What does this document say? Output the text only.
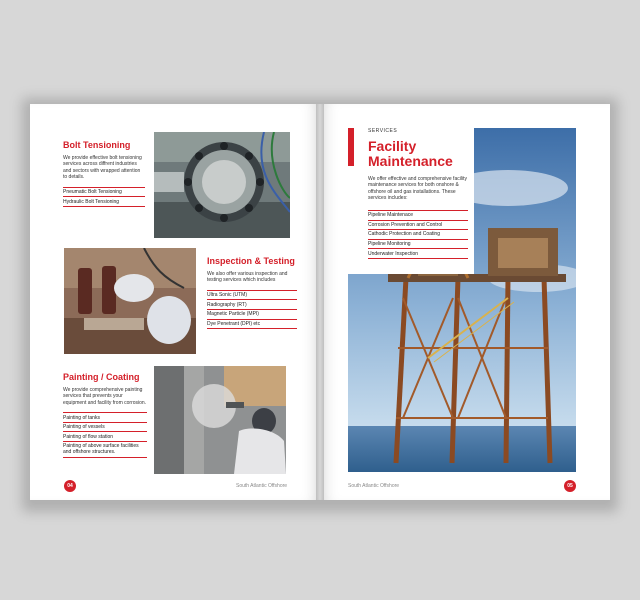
Bolt Tensioning
We provide effective bolt tensioning services across diffrent industries and sectors with wrapped attention to details.
Pneumatic Bolt Tensioning
Hydraulic Bolt Tensioning
Inspection & Testing
We also offer various inspection and testing services which includes
Ultra Sonic (UTM)
Radiography (RT)
Magnetic Particle (MPI)
Dye Penetrant (DPI) etc
Painting / Coating
We provide comprehensive painting services that prevents your equipment and facility from corrosion.
Painting of tanks
Painting of vessels
Painting of flow station
Painting of above surface facilities and offshore structures.
04	South Atlantic Offshore
SERVICES
Facility
Maintenance
We offer effective and comprehensive facility maintenance services for both onshore & offshore oil and gas installations. These services includes:
Pipeline Maintenace
Corrosion Prevention and Control
Cathodic Protection and Coating
Pipeline Monitoring
Underwater Inspection
South Atlantic Offshore	05
